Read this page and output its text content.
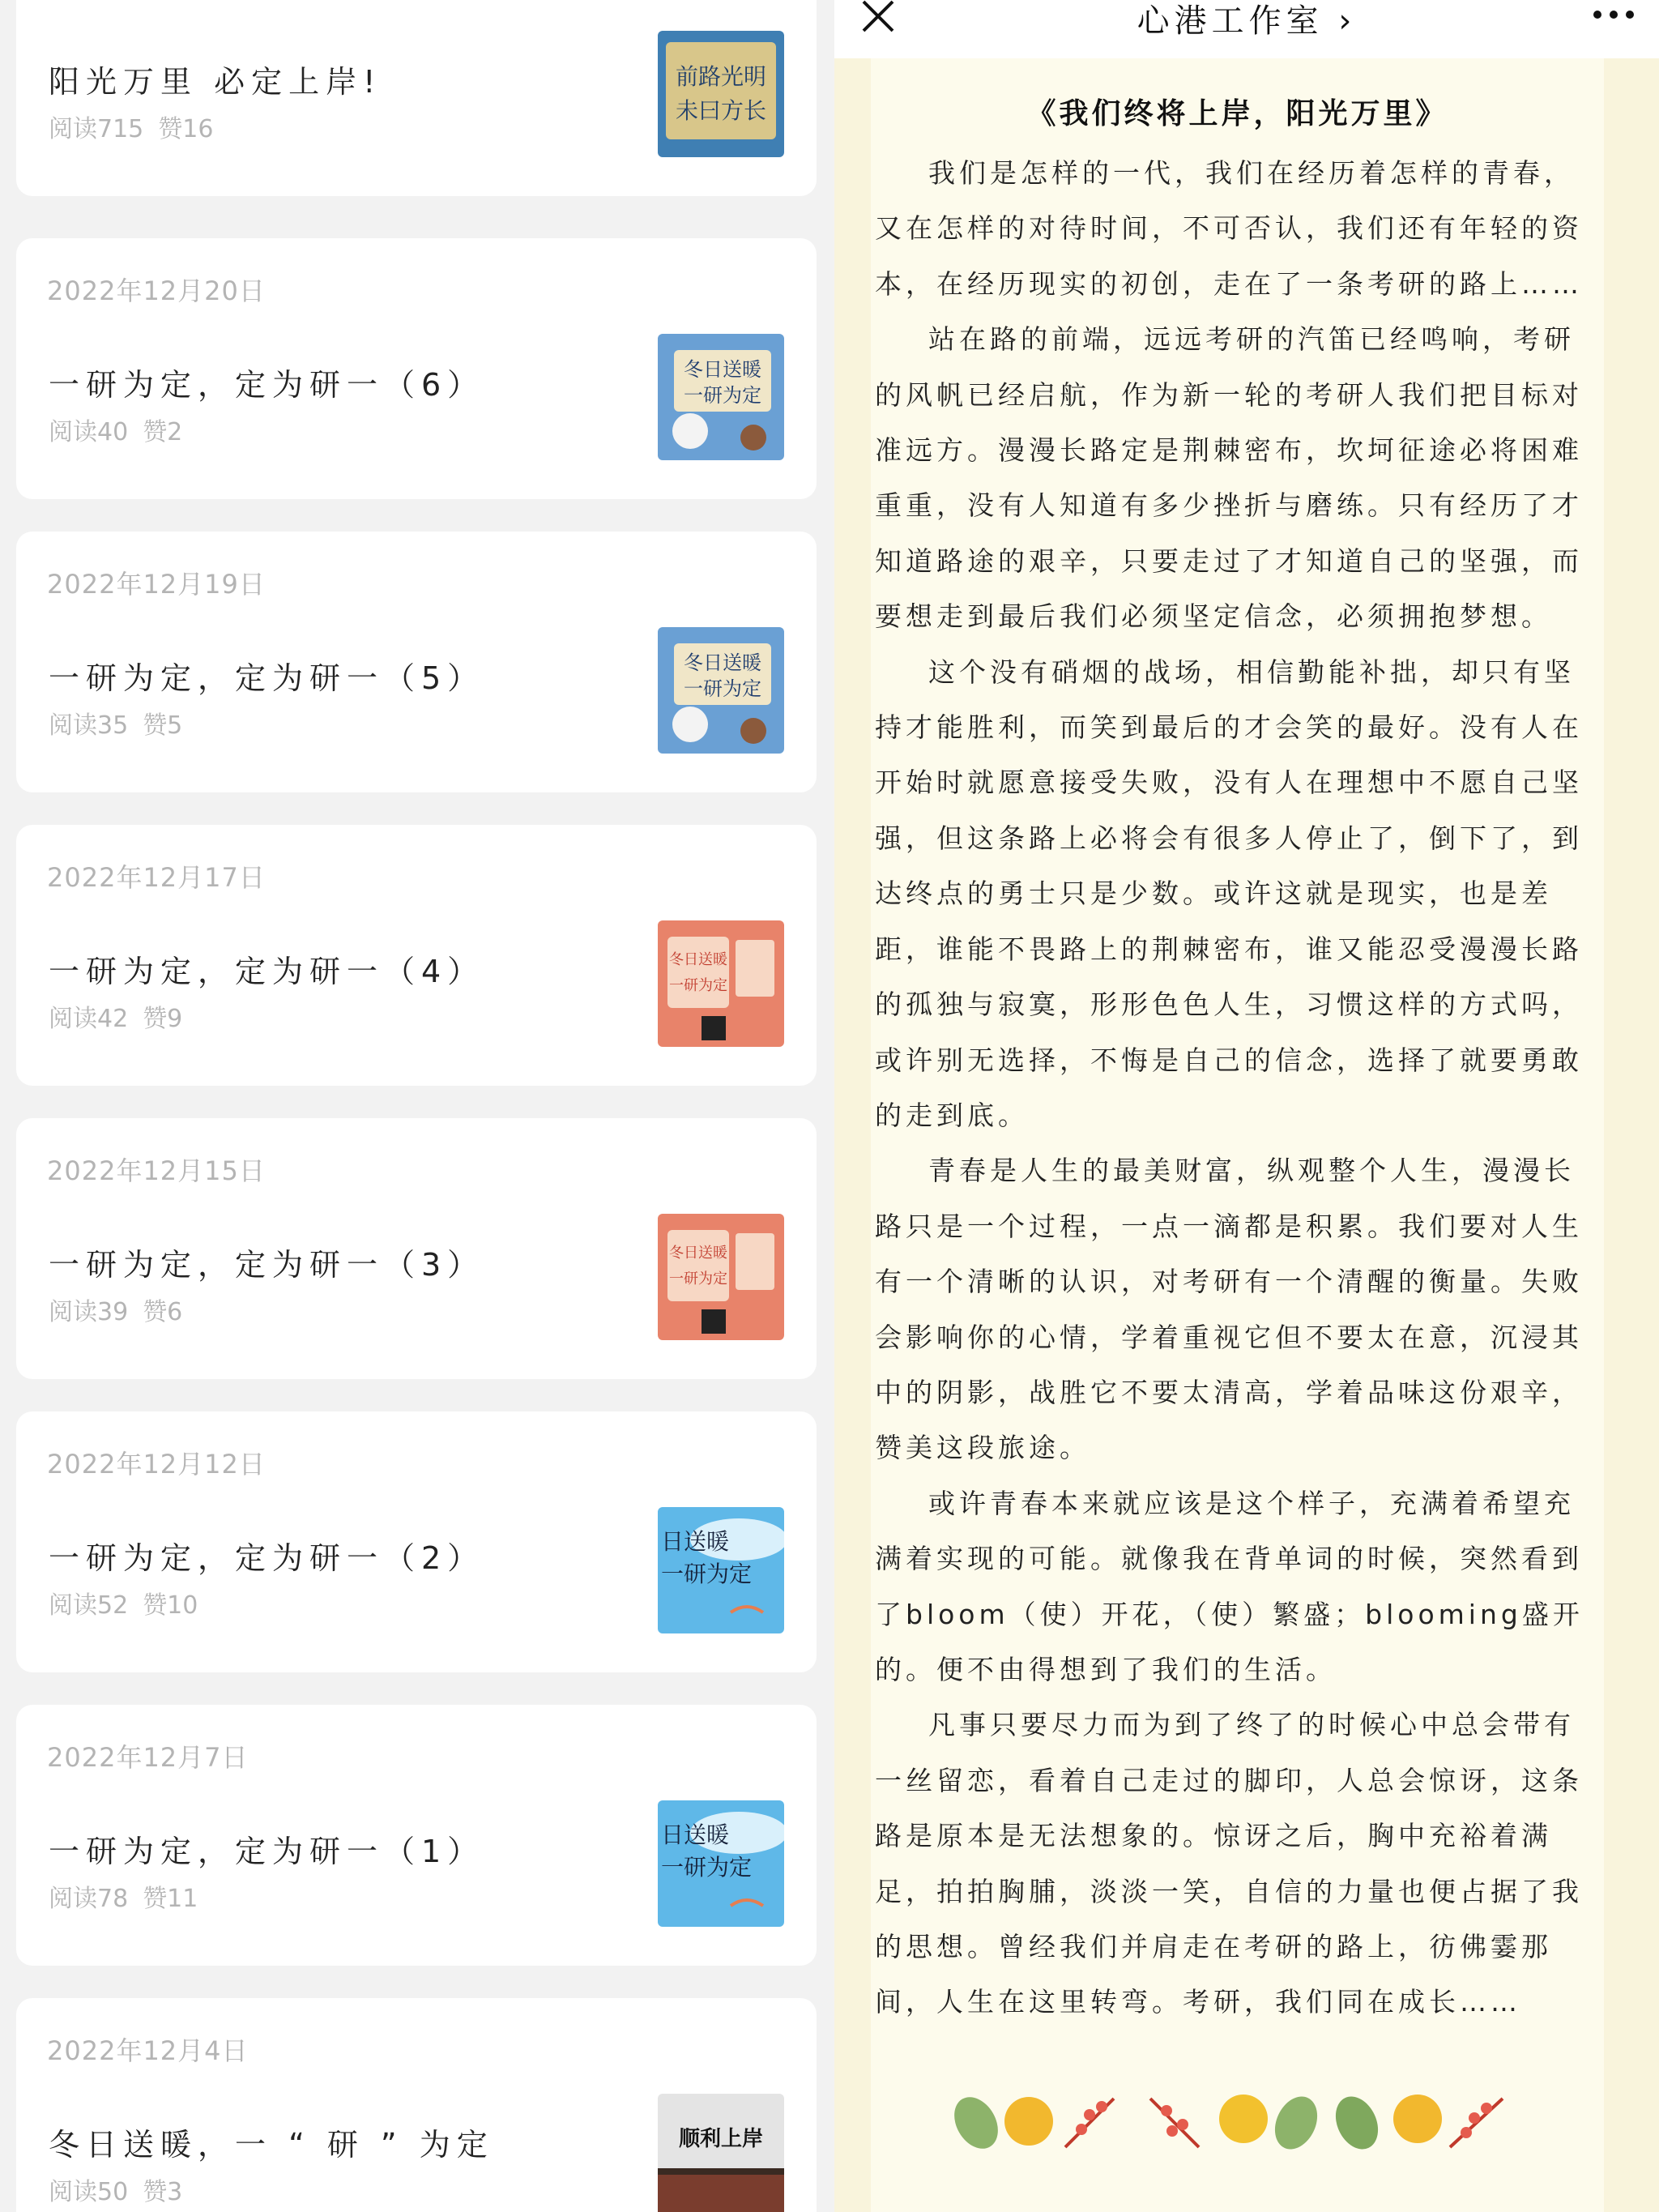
阳光万里 必定上岸!
阅读715 赞16
前路光明
未曰方长
2022年12月20日
一研为定，定为研一（6）
阅读40 赞2
冬日送暖
一研为定
2022年12月19日
一研为定，定为研一（5）
阅读35 赞5
冬日送暖
一研为定
2022年12月17日
一研为定，定为研一（4）
阅读42 赞9
冬日送暖
一研为定
2022年12月15日
一研为定，定为研一（3）
阅读39 赞6
冬日送暖
一研为定
2022年12月12日
一研为定，定为研一（2）
阅读52 赞10
日送暖
一研为定
2022年12月7日
一研为定，定为研一（1）
阅读78 赞11
日送暖
一研为定
2022年12月4日
冬日送暖，一 “ 研 ” 为定
阅读50 赞3
顺利上岸
心港工作室 ›
《我们终将上岸，阳光万里》

我们是怎样的一代，我们在经历着怎样的青春，又在怎样的对待时间，不可否认，我们还有年轻的资本，在经历现实的初创，走在了一条考研的路上……

站在路的前端，远远考研的汽笛已经鸣响，考研的风帆已经启航，作为新一轮的考研人我们把目标对准远方。漫漫长路定是荆棘密布，坎坷征途必将困难重重，没有人知道有多少挫折与磨练。只有经历了才知道路途的艰辛，只要走过了才知道自己的坚强，而要想走到最后我们必须坚定信念，必须拥抱梦想。

这个没有硝烟的战场，相信勤能补拙，却只有坚持才能胜利，而笑到最后的才会笑的最好。没有人在开始时就愿意接受失败，没有人在理想中不愿自己坚强，但这条路上必将会有很多人停止了，倒下了，到达终点的勇士只是少数。或许这就是现实，也是差距，谁能不畏路上的荆棘密布，谁又能忍受漫漫长路的孤独与寂寞，形形色色人生，习惯这样的方式吗，或许别无选择，不悔是自己的信念，选择了就要勇敢的走到底。

青春是人生的最美财富，纵观整个人生，漫漫长路只是一个过程，一点一滴都是积累。我们要对人生有一个清晰的认识，对考研有一个清醒的衡量。失败会影响你的心情，学着重视它但不要太在意，沉浸其中的阴影，战胜它不要太清高，学着品味这份艰辛，赞美这段旅途。

或许青春本来就应该是这个样子，充满着希望充满着实现的可能。就像我在背单词的时候，突然看到了bloom（使）开花，（使）繁盛；blooming盛开的。便不由得想到了我们的生活。

凡事只要尽力而为到了终了的时候心中总会带有一丝留恋，看着自己走过的脚印，人总会惊讶，这条路是原本是无法想象的。惊讶之后，胸中充裕着满足，拍拍胸脯，淡淡一笑，自信的力量也便占据了我的思想。曾经我们并肩走在考研的路上，彷佛霎那间，人生在这里转弯。考研，我们同在成长……
